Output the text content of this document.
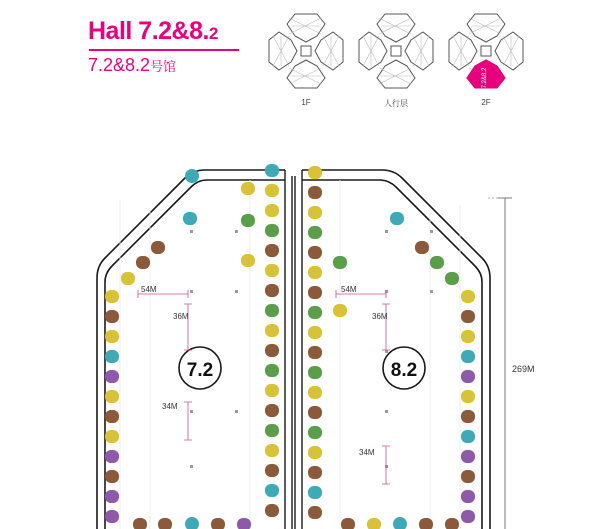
Hall 7.2&8.2
7.2&8.2号馆
1F	人行层
7.2&8.2
2F
7.2	8.2
54M
36M
34M
54M
36M
34M
269M
